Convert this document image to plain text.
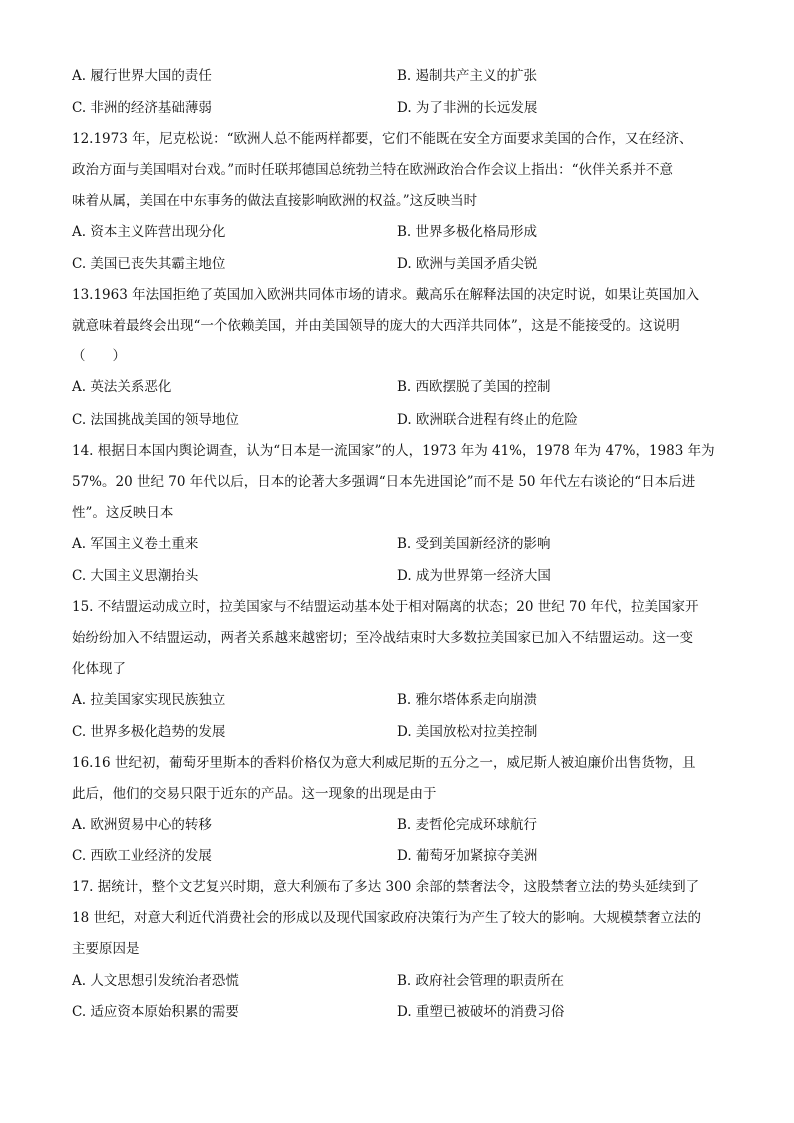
A. 履行世界大国的责任	B. 遏制共产主义的扩张
C. 非洲的经济基础薄弱	D. 为了非洲的长远发展
12.1973 年，尼克松说：“欧洲人总不能两样都要，它们不能既在安全方面要求美国的合作，又在经济、
政治方面与美国唱对台戏。”而时任联邦德国总统勃兰特在欧洲政治合作会议上指出：“伙伴关系并不意
味着从属，美国在中东事务的做法直接影响欧洲的权益。”这反映当时
A. 资本主义阵营出现分化	B. 世界多极化格局形成
C. 美国已丧失其霸主地位	D. 欧洲与美国矛盾尖锐
13.1963 年法国拒绝了英国加入欧洲共同体市场的请求。戴高乐在解释法国的决定时说，如果让英国加入
就意味着最终会出现“一个依赖美国，并由美国领导的庞大的大西洋共同体”，这是不能接受的。这说明
（　　）
A. 英法关系恶化	B. 西欧摆脱了美国的控制
C. 法国挑战美国的领导地位	D. 欧洲联合进程有终止的危险
14. 根据日本国内舆论调查，认为“日本是一流国家”的人，1973 年为 41%，1978 年为 47%，1983 年为
57%。20 世纪 70 年代以后，日本的论著大多强调“日本先进国论”而不是 50 年代左右谈论的“日本后进
性”。这反映日本
A. 军国主义卷土重来	B. 受到美国新经济的影响
C. 大国主义思潮抬头	D. 成为世界第一经济大国
15. 不结盟运动成立时，拉美国家与不结盟运动基本处于相对隔离的状态；20 世纪 70 年代，拉美国家开
始纷纷加入不结盟运动，两者关系越来越密切；至冷战结束时大多数拉美国家已加入不结盟运动。这一变
化体现了
A. 拉美国家实现民族独立	B. 雅尔塔体系走向崩溃
C. 世界多极化趋势的发展	D. 美国放松对拉美控制
16.16 世纪初，葡萄牙里斯本的香料价格仅为意大利威尼斯的五分之一，威尼斯人被迫廉价出售货物，且
此后，他们的交易只限于近东的产品。这一现象的出现是由于
A. 欧洲贸易中心的转移	B. 麦哲伦完成环球航行
C. 西欧工业经济的发展	D. 葡萄牙加紧掠夺美洲
17. 据统计，整个文艺复兴时期，意大利颁布了多达 300 余部的禁奢法令，这股禁奢立法的势头延续到了
18 世纪，对意大利近代消费社会的形成以及现代国家政府决策行为产生了较大的影响。大规模禁奢立法的
主要原因是
A. 人文思想引发统治者恐慌	B. 政府社会管理的职责所在
C. 适应资本原始积累的需要	D. 重塑已被破坏的消费习俗
